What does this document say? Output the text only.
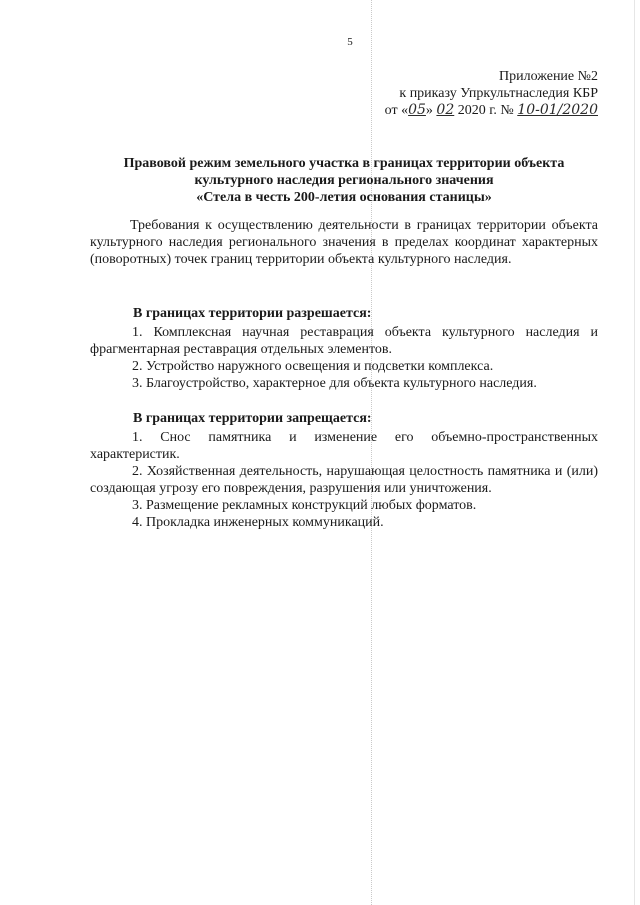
5
Приложение №2
к приказу Упркультнаследия КБР
от «05» 02 2020 г. № 10-01/2020
Правовой режим земельного участка в границах территории объекта
культурного наследия регионального значения
«Стела в честь 200-летия основания станицы»
Требования к осуществлению деятельности в границах территории объекта культурного наследия регионального значения в пределах координат характерных (поворотных) точек границ территории объекта культурного наследия.
В границах территории разрешается:
1. Комплексная научная реставрация объекта культурного наследия и фрагментарная реставрация отдельных элементов.
2. Устройство наружного освещения и подсветки комплекса.
3. Благоустройство, характерное для объекта культурного наследия.
В границах территории запрещается:
1. Снос памятника и изменение его объемно-пространственных характеристик.
2. Хозяйственная деятельность, нарушающая целостность памятника и (или) создающая угрозу его повреждения, разрушения или уничтожения.
3. Размещение рекламных конструкций любых форматов.
4. Прокладка инженерных коммуникаций.
